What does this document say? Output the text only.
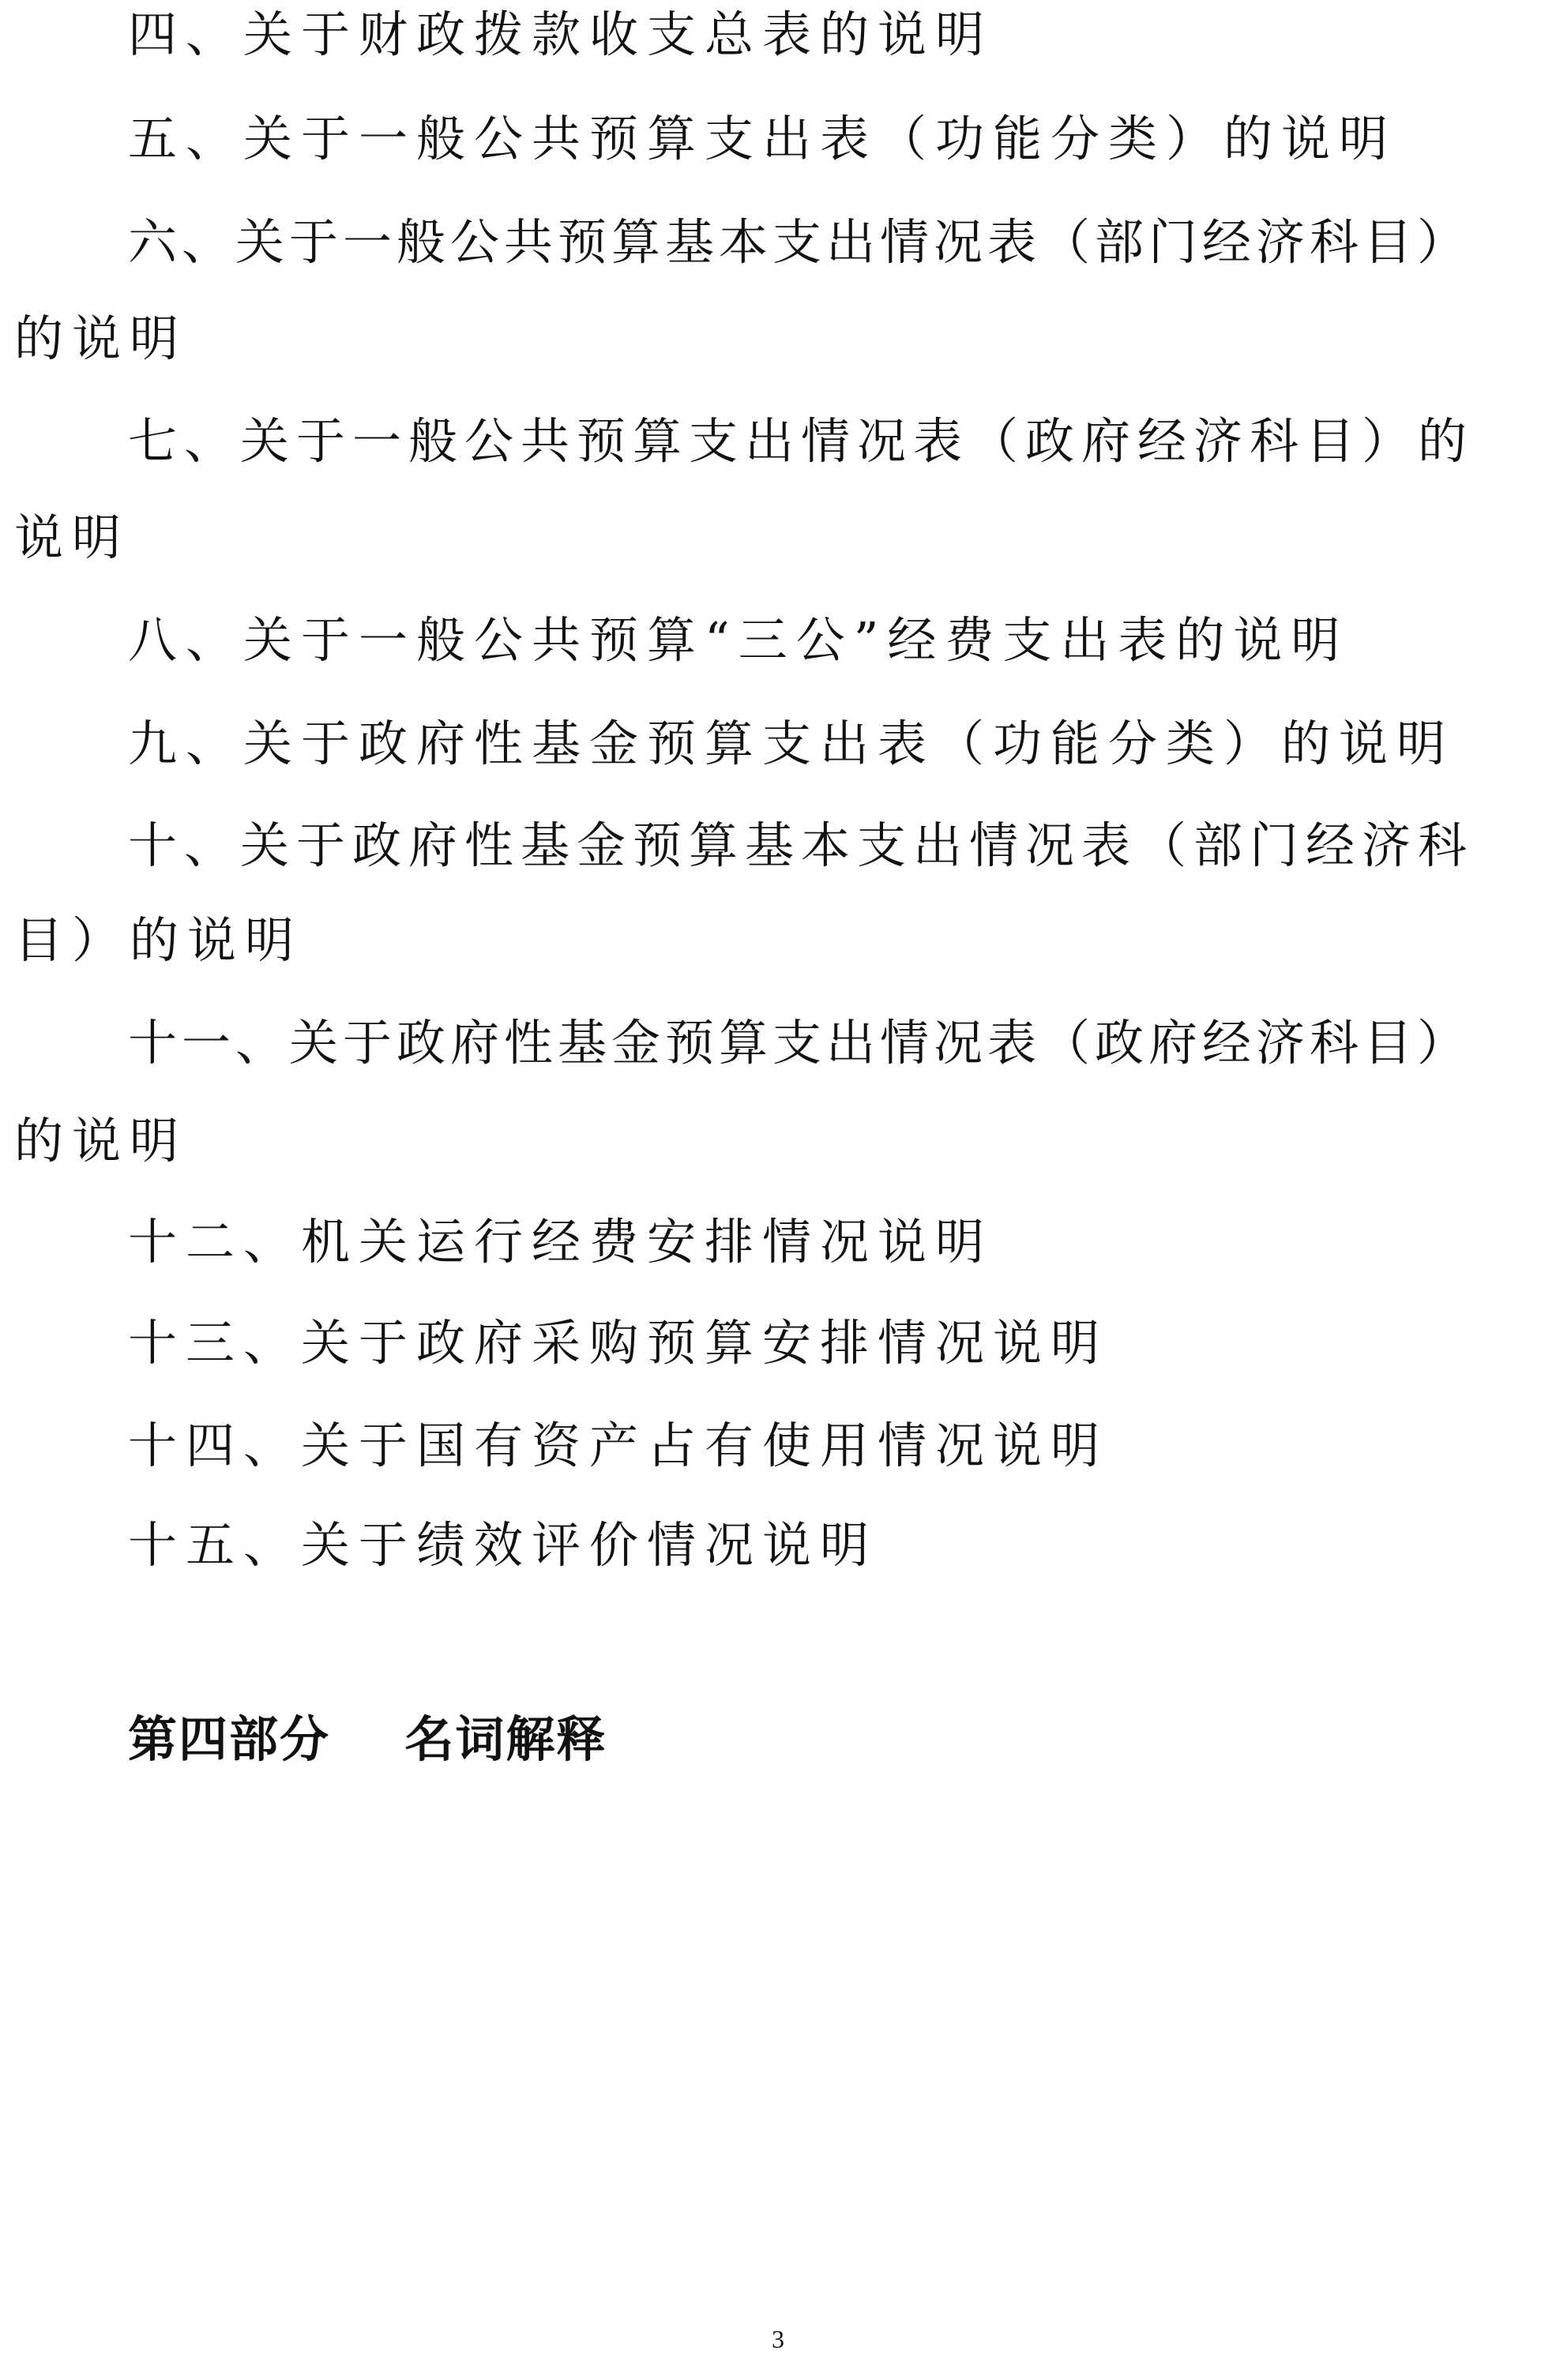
四、关于财政拨款收支总表的说明

五、关于一般公共预算支出表（功能分类）的说明

六、关于一般公共预算基本支出情况表（部门经济科目）

的说明

七、关于一般公共预算支出情况表（政府经济科目）的

说明

八、关于一般公共预算“三公”经费支出表的说明

九、关于政府性基金预算支出表（功能分类）的说明

十、关于政府性基金预算基本支出情况表（部门经济科

目）的说明

十一、关于政府性基金预算支出情况表（政府经济科目）

的说明

十二、机关运行经费安排情况说明

十三、关于政府采购预算安排情况说明

十四、关于国有资产占有使用情况说明

十五、关于绩效评价情况说明

第四部分    名词解释
3
